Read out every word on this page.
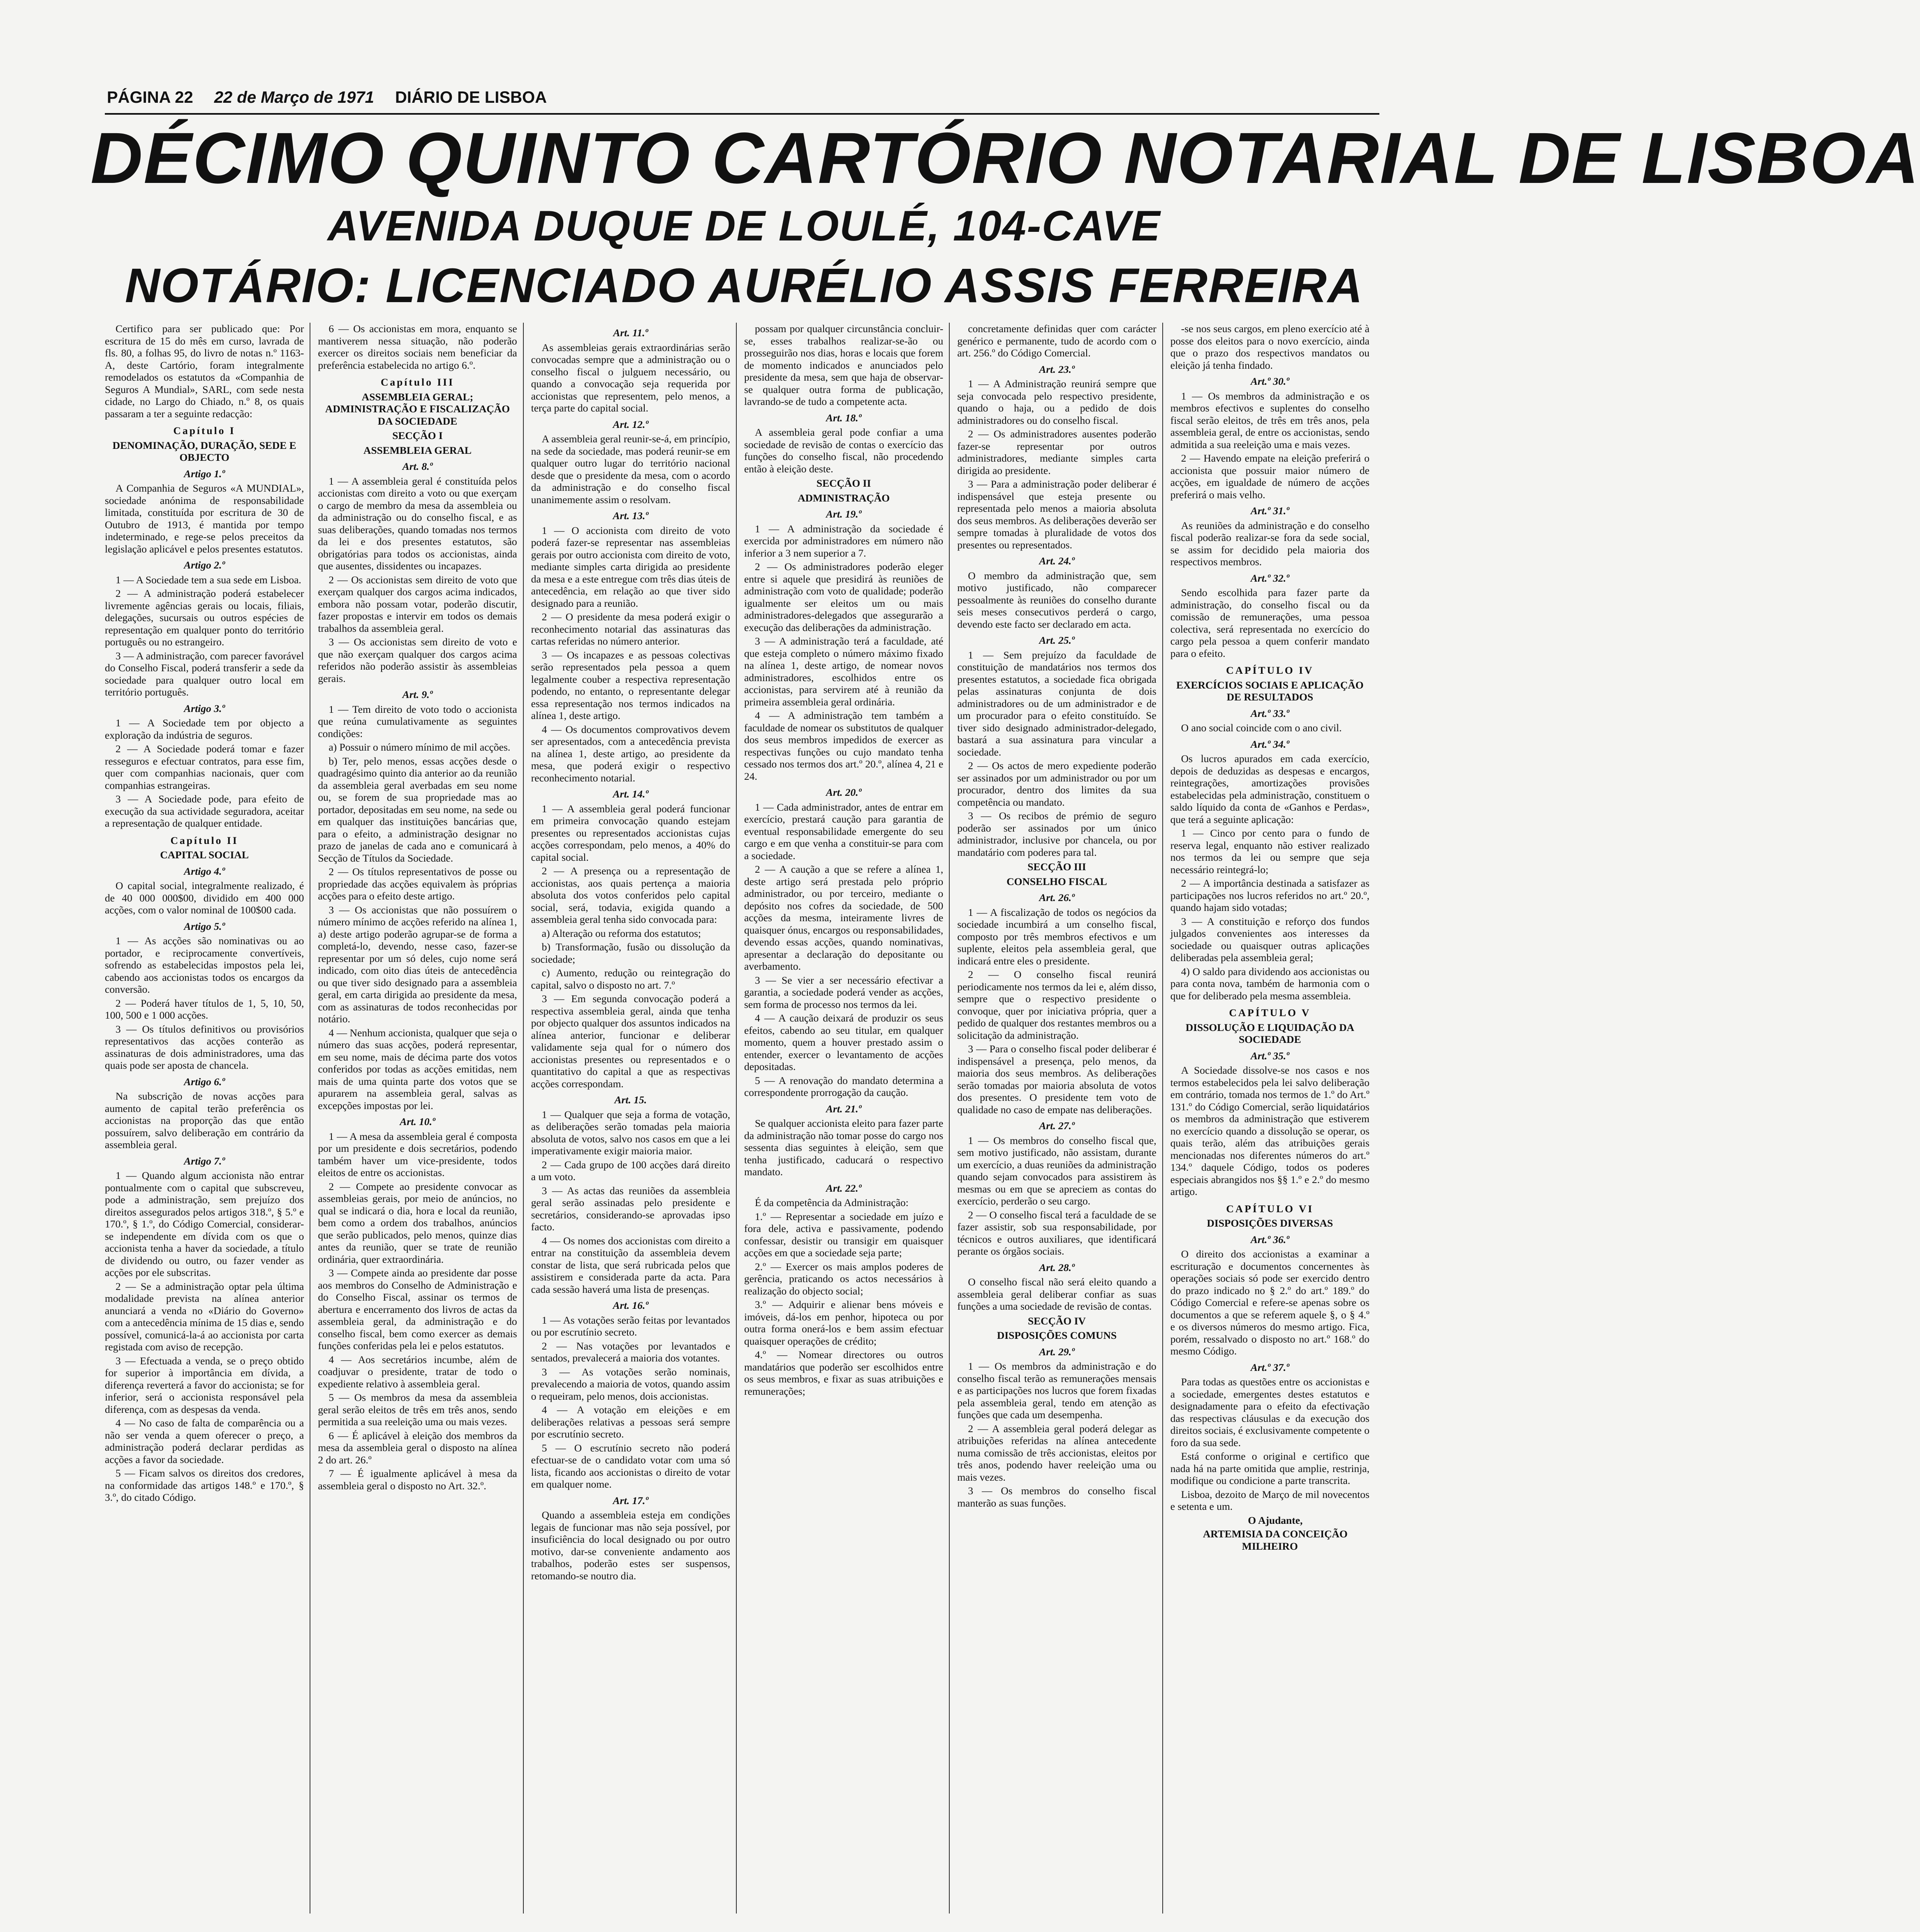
PÁGINA 22 22 de Março de 1971 DIÁRIO DE LISBOA
DÉCIMO QUINTO CARTÓRIO NOTARIAL DE LISBOA
AVENIDA DUQUE DE LOULÉ, 104-CAVE
NOTÁRIO: LICENCIADO AURÉLIO ASSIS FERREIRA

Certifico para ser publicado que: Por escritura de 15 do mês em curso, lavrada de fls. 80, a folhas 95, do livro de notas n.º 1163-A, deste Cartório, foram integralmente remodelados os estatutos da «Companhia de Seguros A Mundial», SARL, com sede nesta cidade, no Largo do Chiado, n.º 8, os quais passaram a ter a seguinte redacção:

Capítulo I

DENOMINAÇÃO, DURAÇÃO, SEDE E OBJECTO

Artigo 1.º

A Companhia de Seguros «A MUNDIAL», sociedade anónima de responsabilidade limitada, constituída por escritura de 30 de Outubro de 1913, é mantida por tempo indeterminado, e rege-se pelos preceitos da legislação aplicável e pelos presentes estatutos.

Artigo 2.º

1 — A Sociedade tem a sua sede em Lisboa.

2 — A administração poderá estabelecer livremente agências gerais ou locais, filiais, delegações, sucursais ou outros espécies de representação em qualquer ponto do território português ou no estrangeiro.

3 — A administração, com parecer favorável do Conselho Fiscal, poderá transferir a sede da sociedade para qualquer outro local em território português.

Artigo 3.º

1 — A Sociedade tem por objecto a exploração da indústria de seguros.

2 — A Sociedade poderá tomar e fazer resseguros e efectuar contratos, para esse fim, quer com companhias nacionais, quer com companhias estrangeiras.

3 — A Sociedade pode, para efeito de execução da sua actividade seguradora, aceitar a representação de qualquer entidade.

Capítulo II

CAPITAL SOCIAL

Artigo 4.º

O capital social, integralmente realizado, é de 40 000 000$00, dividido em 400 000 acções, com o valor nominal de 100$00 cada.

Artigo 5.º

1 — As acções são nominativas ou ao portador, e reciprocamente convertíveis, sofrendo as estabelecidas impostos pela lei, cabendo aos accionistas todos os encargos da conversão.

2 — Poderá haver títulos de 1, 5, 10, 50, 100, 500 e 1 000 acções.

3 — Os títulos definitivos ou provisórios representativos das acções conterão as assinaturas de dois administradores, uma das quais pode ser aposta de chancela.

Artigo 6.º

Na subscrição de novas acções para aumento de capital terão preferência os accionistas na proporção das que então possuírem, salvo deliberação em contrário da assembleia geral.

Artigo 7.º

1 — Quando algum accionista não entrar pontualmente com o capital que subscreveu, pode a administração, sem prejuízo dos direitos assegurados pelos artigos 318.º, § 5.º e 170.º, § 1.º, do Código Comercial, considerar-se independente em dívida com os que o accionista tenha a haver da sociedade, a título de dividendo ou outro, ou fazer vender as acções por ele subscritas.

2 — Se a administração optar pela última modalidade prevista na alínea anterior anunciará a venda no «Diário do Governo» com a antecedência mínima de 15 dias e, sendo possível, comunicá-la-á ao accionista por carta registada com aviso de recepção.

3 — Efectuada a venda, se o preço obtido for superior à importância em dívida, a diferença reverterá a favor do accionista; se for inferior, será o accionista responsável pela diferença, com as despesas da venda.

4 — No caso de falta de comparência ou a não ser venda a quem oferecer o preço, a administração poderá declarar perdidas as acções a favor da sociedade.

5 — Ficam salvos os direitos dos credores, na conformidade das artigos 148.º e 170.º, § 3.º, do citado Código.

6 — Os accionistas em mora, enquanto se mantiverem nessa situação, não poderão exercer os direitos sociais nem beneficiar da preferência estabelecida no artigo 6.º.

Capítulo III

ASSEMBLEIA GERAL; ADMINISTRAÇÃO E FISCALIZAÇÃO DA SOCIEDADE

SECÇÃO I

ASSEMBLEIA GERAL

Art. 8.º

1 — A assembleia geral é constituída pelos accionistas com direito a voto ou que exerçam o cargo de membro da mesa da assembleia ou da administração ou do conselho fiscal, e as suas deliberações, quando tomadas nos termos da lei e dos presentes estatutos, são obrigatórias para todos os accionistas, ainda que ausentes, dissidentes ou incapazes.

2 — Os accionistas sem direito de voto que exerçam qualquer dos cargos acima indicados, embora não possam votar, poderão discutir, fazer propostas e intervir em todos os demais trabalhos da assembleia geral.

3 — Os accionistas sem direito de voto e que não exerçam qualquer dos cargos acima referidos não poderão assistir às assembleias gerais.

Art. 9.º

1 — Tem direito de voto todo o accionista que reúna cumulativamente as seguintes condições:

a) Possuir o número mínimo de mil acções.

b) Ter, pelo menos, essas acções desde o quadragésimo quinto dia anterior ao da reunião da assembleia geral averbadas em seu nome ou, se forem de sua propriedade mas ao portador, depositadas em seu nome, na sede ou em qualquer das instituições bancárias que, para o efeito, a administração designar no prazo de janelas de cada ano e comunicará à Secção de Títulos da Sociedade.

2 — Os títulos representativos de posse ou propriedade das acções equivalem às próprias acções para o efeito deste artigo.

3 — Os accionistas que não possuírem o número mínimo de acções referido na alínea 1, a) deste artigo poderão agrupar-se de forma a completá-lo, devendo, nesse caso, fazer-se representar por um só deles, cujo nome será indicado, com oito dias úteis de antecedência ou que tiver sido designado para a assembleia geral, em carta dirigida ao presidente da mesa, com as assinaturas de todos reconhecidas por notário.

4 — Nenhum accionista, qualquer que seja o número das suas acções, poderá representar, em seu nome, mais de décima parte dos votos conferidos por todas as acções emitidas, nem mais de uma quinta parte dos votos que se apurarem na assembleia geral, salvas as excepções impostas por lei.

Art. 10.º

1 — A mesa da assembleia geral é composta por um presidente e dois secretários, podendo também haver um vice-presidente, todos eleitos de entre os accionistas.

2 — Compete ao presidente convocar as assembleias gerais, por meio de anúncios, no qual se indicará o dia, hora e local da reunião, bem como a ordem dos trabalhos, anúncios que serão publicados, pelo menos, quinze dias antes da reunião, quer se trate de reunião ordinária, quer extraordinária.

3 — Compete ainda ao presidente dar posse aos membros do Conselho de Administração e do Conselho Fiscal, assinar os termos de abertura e encerramento dos livros de actas da assembleia geral, da administração e do conselho fiscal, bem como exercer as demais funções conferidas pela lei e pelos estatutos.

4 — Aos secretários incumbe, além de coadjuvar o presidente, tratar de todo o expediente relativo à assembleia geral.

5 — Os membros da mesa da assembleia geral serão eleitos de três em três anos, sendo permitida a sua reeleição uma ou mais vezes.

6 — É aplicável à eleição dos membros da mesa da assembleia geral o disposto na alínea 2 do art. 26.º

7 — É igualmente aplicável à mesa da assembleia geral o disposto no Art. 32.º.

Art. 11.º

As assembleias gerais extraordinárias serão convocadas sempre que a administração ou o conselho fiscal o julguem necessário, ou quando a convocação seja requerida por accionistas que representem, pelo menos, a terça parte do capital social.

Art. 12.º

A assembleia geral reunir-se-á, em princípio, na sede da sociedade, mas poderá reunir-se em qualquer outro lugar do território nacional desde que o presidente da mesa, com o acordo da administração e do conselho fiscal unanimemente assim o resolvam.

Art. 13.º

1 — O accionista com direito de voto poderá fazer-se representar nas assembleias gerais por outro accionista com direito de voto, mediante simples carta dirigida ao presidente da mesa e a este entregue com três dias úteis de antecedência, em relação ao que tiver sido designado para a reunião.

2 — O presidente da mesa poderá exigir o reconhecimento notarial das assinaturas das cartas referidas no número anterior.

3 — Os incapazes e as pessoas colectivas serão representados pela pessoa a quem legalmente couber a respectiva representação podendo, no entanto, o representante delegar essa representação nos termos indicados na alínea 1, deste artigo.

4 — Os documentos comprovativos devem ser apresentados, com a antecedência prevista na alínea 1, deste artigo, ao presidente da mesa, que poderá exigir o respectivo reconhecimento notarial.

Art. 14.º

1 — A assembleia geral poderá funcionar em primeira convocação quando estejam presentes ou representados accionistas cujas acções correspondam, pelo menos, a 40% do capital social.

2 — A presença ou a representação de accionistas, aos quais pertença a maioria absoluta dos votos conferidos pelo capital social, será, todavia, exigida quando a assembleia geral tenha sido convocada para:

a) Alteração ou reforma dos estatutos;

b) Transformação, fusão ou dissolução da sociedade;

c) Aumento, redução ou reintegração do capital, salvo o disposto no art. 7.º

3 — Em segunda convocação poderá a respectiva assembleia geral, ainda que tenha por objecto qualquer dos assuntos indicados na alínea anterior, funcionar e deliberar validamente seja qual for o número dos accionistas presentes ou representados e o quantitativo do capital a que as respectivas acções correspondam.

Art. 15.

1 — Qualquer que seja a forma de votação, as deliberações serão tomadas pela maioria absoluta de votos, salvo nos casos em que a lei imperativamente exigir maioria maior.

2 — Cada grupo de 100 acções dará direito a um voto.

3 — As actas das reuniões da assembleia geral serão assinadas pelo presidente e secretários, considerando-se aprovadas ipso facto.

4 — Os nomes dos accionistas com direito a entrar na constituição da assembleia devem constar de lista, que será rubricada pelos que assistirem e considerada parte da acta. Para cada sessão haverá uma lista de presenças.

Art. 16.º

1 — As votações serão feitas por levantados ou por escrutínio secreto.

2 — Nas votações por levantados e sentados, prevalecerá a maioria dos votantes.

3 — As votações serão nominais, prevalecendo a maioria de votos, quando assim o requeiram, pelo menos, dois accionistas.

4 — A votação em eleições e em deliberações relativas a pessoas será sempre por escrutínio secreto.

5 — O escrutínio secreto não poderá efectuar-se de o candidato votar com uma só lista, ficando aos accionistas o direito de votar em qualquer nome.

Art. 17.º

Quando a assembleia esteja em condições legais de funcionar mas não seja possível, por insuficiência do local designado ou por outro motivo, dar-se conveniente andamento aos trabalhos, poderão estes ser suspensos, retomando-se noutro dia.

possam por qualquer circunstância concluir-se, esses trabalhos realizar-se-ão ou prosseguirão nos dias, horas e locais que forem de momento indicados e anunciados pelo presidente da mesa, sem que haja de observar-se qualquer outra forma de publicação, lavrando-se de tudo a competente acta.

Art. 18.º

A assembleia geral pode confiar a uma sociedade de revisão de contas o exercício das funções do conselho fiscal, não procedendo então à eleição deste.

SECÇÃO II

ADMINISTRAÇÃO

Art. 19.º

1 — A administração da sociedade é exercida por administradores em número não inferior a 3 nem superior a 7.

2 — Os administradores poderão eleger entre si aquele que presidirá às reuniões de administração com voto de qualidade; poderão igualmente ser eleitos um ou mais administradores-delegados que assegurarão a execução das deliberações da administração.

3 — A administração terá a faculdade, até que esteja completo o número máximo fixado na alínea 1, deste artigo, de nomear novos administradores, escolhidos entre os accionistas, para servirem até à reunião da primeira assembleia geral ordinária.

4 — A administração tem também a faculdade de nomear os substitutos de qualquer dos seus membros impedidos de exercer as respectivas funções ou cujo mandato tenha cessado nos termos dos art.º 20.º, alínea 4, 21 e 24.

Art. 20.º

1 — Cada administrador, antes de entrar em exercício, prestará caução para garantia de eventual responsabilidade emergente do seu cargo e em que venha a constituir-se para com a sociedade.

2 — A caução a que se refere a alínea 1, deste artigo será prestada pelo próprio administrador, ou por terceiro, mediante o depósito nos cofres da sociedade, de 500 acções da mesma, inteiramente livres de quaisquer ónus, encargos ou responsabilidades, devendo essas acções, quando nominativas, apresentar a declaração do depositante ou averbamento.

3 — Se vier a ser necessário efectivar a garantia, a sociedade poderá vender as acções, sem forma de processo nos termos da lei.

4 — A caução deixará de produzir os seus efeitos, cabendo ao seu titular, em qualquer momento, quem a houver prestado assim o entender, exercer o levantamento de acções depositadas.

5 — A renovação do mandato determina a correspondente prorrogação da caução.

Art. 21.º

Se qualquer accionista eleito para fazer parte da administração não tomar posse do cargo nos sessenta dias seguintes à eleição, sem que tenha justificado, caducará o respectivo mandato.

Art. 22.º

É da competência da Administração:

1.º — Representar a sociedade em juízo e fora dele, activa e passivamente, podendo confessar, desistir ou transigir em quaisquer acções em que a sociedade seja parte;

2.º — Exercer os mais amplos poderes de gerência, praticando os actos necessários à realização do objecto social;

3.º — Adquirir e alienar bens móveis e imóveis, dá-los em penhor, hipoteca ou por outra forma onerá-los e bem assim efectuar quaisquer operações de crédito;

4.º — Nomear directores ou outros mandatários que poderão ser escolhidos entre os seus membros, e fixar as suas atribuições e remunerações;

concretamente definidas quer com carácter genérico e permanente, tudo de acordo com o art. 256.º do Código Comercial.

Art. 23.º

1 — A Administração reunirá sempre que seja convocada pelo respectivo presidente, quando o haja, ou a pedido de dois administradores ou do conselho fiscal.

2 — Os administradores ausentes poderão fazer-se representar por outros administradores, mediante simples carta dirigida ao presidente.

3 — Para a administração poder deliberar é indispensável que esteja presente ou representada pelo menos a maioria absoluta dos seus membros. As deliberações deverão ser sempre tomadas à pluralidade de votos dos presentes ou representados.

Art. 24.º

O membro da administração que, sem motivo justificado, não comparecer pessoalmente às reuniões do conselho durante seis meses consecutivos perderá o cargo, devendo este facto ser declarado em acta.

Art. 25.º

1 — Sem prejuízo da faculdade de constituição de mandatários nos termos dos presentes estatutos, a sociedade fica obrigada pelas assinaturas conjunta de dois administradores ou de um administrador e de um procurador para o efeito constituído. Se tiver sido designado administrador-delegado, bastará a sua assinatura para vincular a sociedade.

2 — Os actos de mero expediente poderão ser assinados por um administrador ou por um procurador, dentro dos limites da sua competência ou mandato.

3 — Os recibos de prémio de seguro poderão ser assinados por um único administrador, inclusive por chancela, ou por mandatário com poderes para tal.

SECÇÃO III

CONSELHO FISCAL

Art. 26.º

1 — A fiscalização de todos os negócios da sociedade incumbirá a um conselho fiscal, composto por três membros efectivos e um suplente, eleitos pela assembleia geral, que indicará entre eles o presidente.

2 — O conselho fiscal reunirá periodicamente nos termos da lei e, além disso, sempre que o respectivo presidente o convoque, quer por iniciativa própria, quer a pedido de qualquer dos restantes membros ou a solicitação da administração.

3 — Para o conselho fiscal poder deliberar é indispensável a presença, pelo menos, da maioria dos seus membros. As deliberações serão tomadas por maioria absoluta de votos dos presentes. O presidente tem voto de qualidade no caso de empate nas deliberações.

Art. 27.º

1 — Os membros do conselho fiscal que, sem motivo justificado, não assistam, durante um exercício, a duas reuniões da administração quando sejam convocados para assistirem às mesmas ou em que se apreciem as contas do exercício, perderão o seu cargo.

2 — O conselho fiscal terá a faculdade de se fazer assistir, sob sua responsabilidade, por técnicos e outros auxiliares, que identificará perante os órgãos sociais.

Art. 28.º

O conselho fiscal não será eleito quando a assembleia geral deliberar confiar as suas funções a uma sociedade de revisão de contas.

SECÇÃO IV

DISPOSIÇÕES COMUNS

Art. 29.º

1 — Os membros da administração e do conselho fiscal terão as remunerações mensais e as participações nos lucros que forem fixadas pela assembleia geral, tendo em atenção as funções que cada um desempenha.

2 — A assembleia geral poderá delegar as atribuições referidas na alínea antecedente numa comissão de três accionistas, eleitos por três anos, podendo haver reeleição uma ou mais vezes.

3 — Os membros do conselho fiscal manterão as suas funções.

-se nos seus cargos, em pleno exercício até à posse dos eleitos para o novo exercício, ainda que o prazo dos respectivos mandatos ou eleição já tenha findado.

Art.º 30.º

1 — Os membros da administração e os membros efectivos e suplentes do conselho fiscal serão eleitos, de três em três anos, pela assembleia geral, de entre os accionistas, sendo admitida a sua reeleição uma e mais vezes.

2 — Havendo empate na eleição preferirá o accionista que possuir maior número de acções, em igualdade de número de acções preferirá o mais velho.

Art.º 31.º

As reuniões da administração e do conselho fiscal poderão realizar-se fora da sede social, se assim for decidido pela maioria dos respectivos membros.

Art.º 32.º

Sendo escolhida para fazer parte da administração, do conselho fiscal ou da comissão de remunerações, uma pessoa colectiva, será representada no exercício do cargo pela pessoa a quem conferir mandato para o efeito.

CAPÍTULO IV

EXERCÍCIOS SOCIAIS E APLICAÇÃO DE RESULTADOS

Art.º 33.º

O ano social coincide com o ano civil.

Art.º 34.º

Os lucros apurados em cada exercício, depois de deduzidas as despesas e encargos, reintegrações, amortizações provisões estabelecidas pela administração, constituem o saldo líquido da conta de «Ganhos e Perdas», que terá a seguinte aplicação:

1 — Cinco por cento para o fundo de reserva legal, enquanto não estiver realizado nos termos da lei ou sempre que seja necessário reintegrá-lo;

2 — A importância destinada a satisfazer as participações nos lucros referidos no art.º 20.º, quando hajam sido votadas;

3 — A constituição e reforço dos fundos julgados convenientes aos interesses da sociedade ou quaisquer outras aplicações deliberadas pela assembleia geral;

4) O saldo para dividendo aos accionistas ou para conta nova, também de harmonia com o que for deliberado pela mesma assembleia.

CAPÍTULO V

DISSOLUÇÃO E LIQUIDAÇÃO DA SOCIEDADE

Art.º 35.º

A Sociedade dissolve-se nos casos e nos termos estabelecidos pela lei salvo deliberação em contrário, tomada nos termos de 1.º do Art.º 131.º do Código Comercial, serão liquidatários os membros da administração que estiverem no exercício quando a dissolução se operar, os quais terão, além das atribuições gerais mencionadas nos diferentes números do art.º 134.º daquele Código, todos os poderes especiais abrangidos nos §§ 1.º e 2.º do mesmo artigo.

CAPÍTULO VI

DISPOSIÇÕES DIVERSAS

Art.º 36.º

O direito dos accionistas a examinar a escrituração e documentos concernentes às operações sociais só pode ser exercido dentro do prazo indicado no § 2.º do art.º 189.º do Código Comercial e refere-se apenas sobre os documentos a que se referem aquele §, o § 4.º e os diversos números do mesmo artigo. Fica, porém, ressalvado o disposto no art.º 168.º do mesmo Código.

Art.º 37.º

Para todas as questões entre os accionistas e a sociedade, emergentes destes estatutos e designadamente para o efeito da efectivação das respectivas cláusulas e da execução dos direitos sociais, é exclusivamente competente o foro da sua sede.

Está conforme o original e certifico que nada há na parte omitida que amplie, restrinja, modifique ou condicione a parte transcrita.

Lisboa, dezoito de Março de mil novecentos e setenta e um.

O Ajudante,

ARTEMISIA DA CONCEIÇÃO MILHEIRO
